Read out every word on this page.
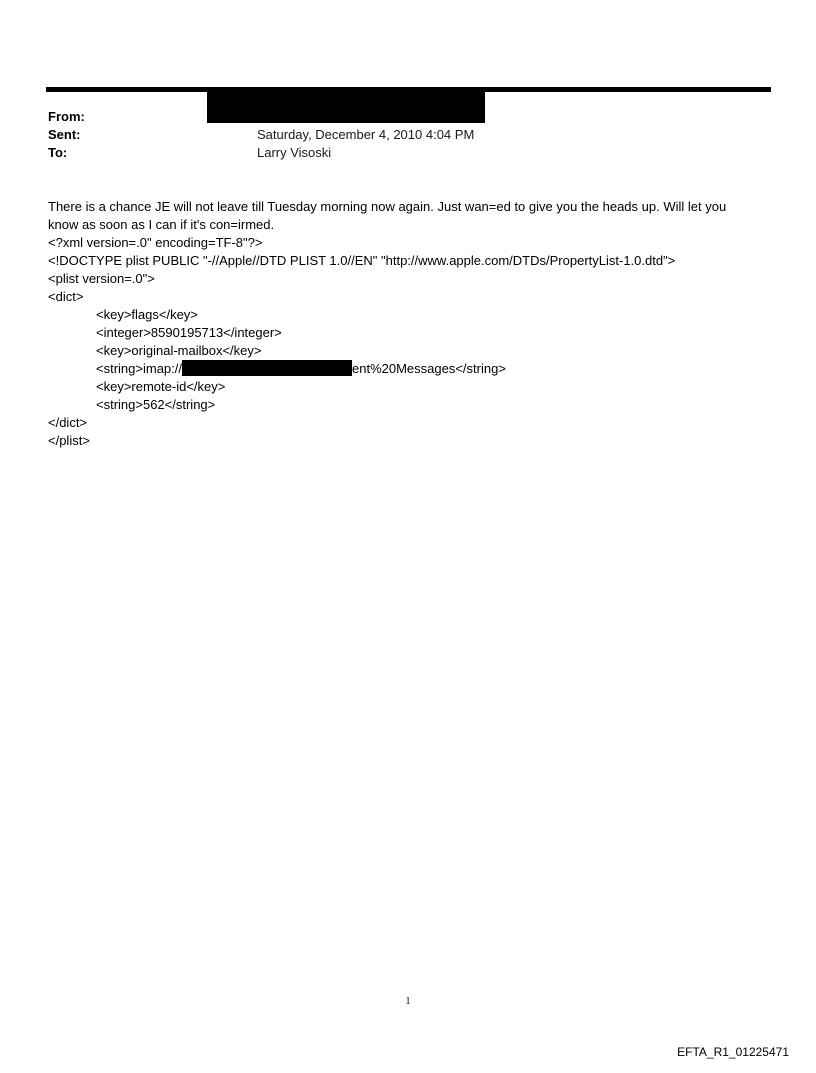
From:
Sent:	Saturday, December 4, 2010 4:04 PM
To:	Larry Visoski
There is a chance JE will not leave till Tuesday morning now again. Just wan=ed to give you the heads up. Will let you
know as soon as I can if it's con=irmed.
<?xml version=.0" encoding=TF-8"?>
<!DOCTYPE plist PUBLIC "-//Apple//DTD PLIST 1.0//EN" "http://www.apple.com/DTDs/PropertyList-1.0.dtd">
<plist version=.0">
<dict>
<key>flags</key>
<integer>8590195713</integer>
<key>original-mailbox</key>
<string>imap://	ent%20Messages</string>
<key>remote-id</key>
<string>562</string>
</dict>
</plist>
1
EFTA_R1_01225471
